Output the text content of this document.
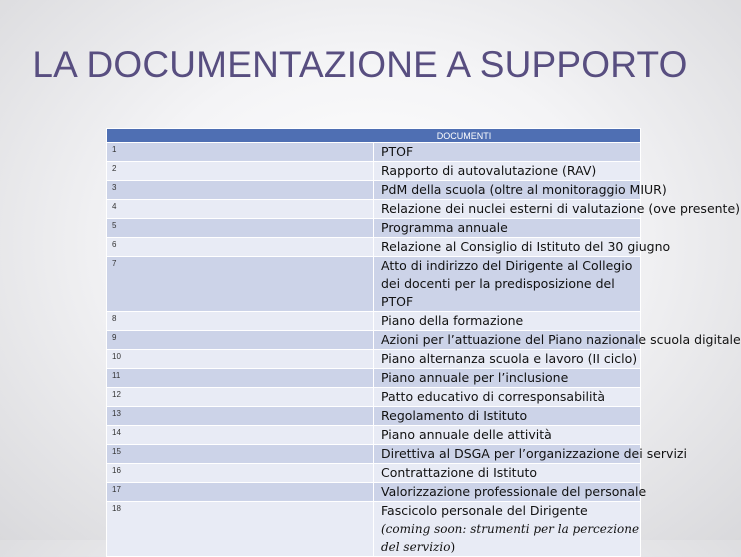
LA DOCUMENTAZIONE A SUPPORTO
DOCUMENTI	
1	PTOF
2	Rapporto di autovalutazione (RAV)
3	PdM della scuola (oltre al monitoraggio MIUR)
4	Relazione dei nuclei esterni di valutazione (ove presente)
5	Programma annuale
6	Relazione al Consiglio di Istituto del 30 giugno
7	Atto di indirizzo del Dirigente al Collegio dei docenti per la predisposizione del PTOF

8	Piano della formazione
9	Azioni per l’attuazione del Piano nazionale scuola digitale
10	Piano alternanza scuola e lavoro (II ciclo)
11	Piano annuale per l’inclusione
12	Patto educativo di corresponsabilità
13	Regolamento di Istituto
14	Piano annuale delle attività
15	Direttiva al DSGA per l’organizzazione dei servizi
16	Contrattazione di Istituto
17	Valorizzazione professionale del personale
18	Fascicolo personale del Dirigente
(coming soon: strumenti per la percezione del servizio)
